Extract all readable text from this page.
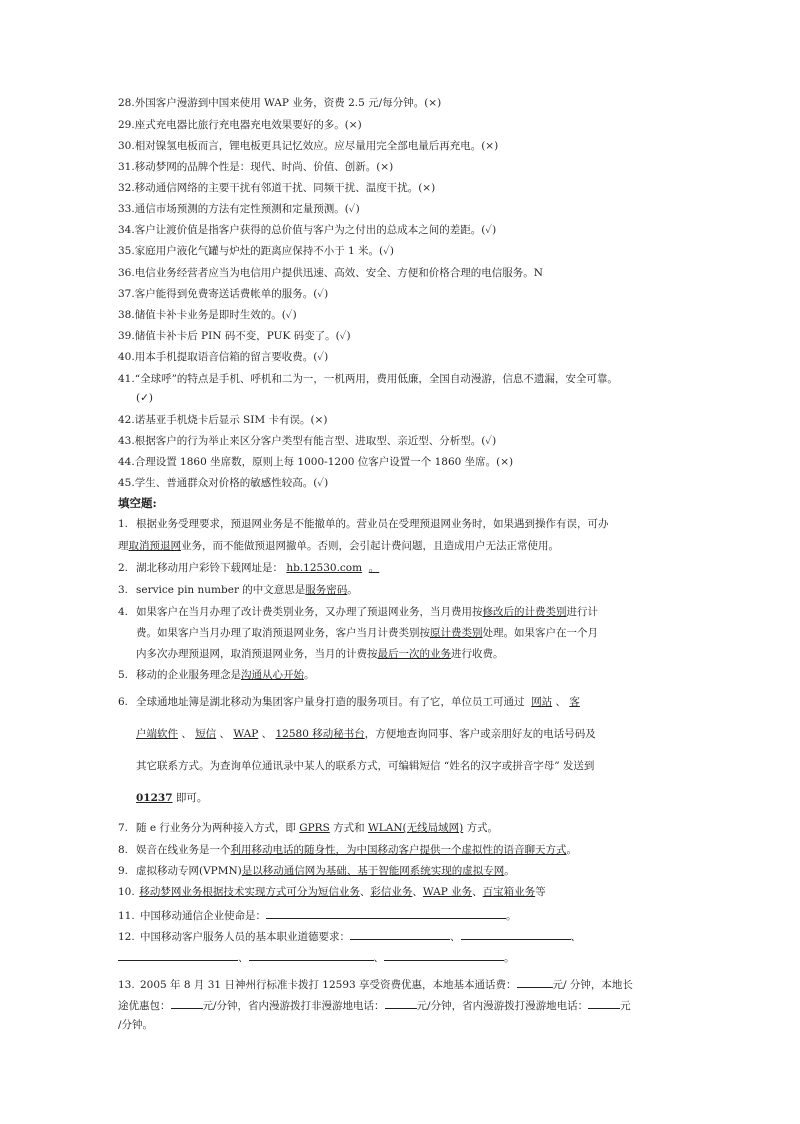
28.外国客户漫游到中国来使用 WAP 业务，资费 2.5 元/每分钟。(×)
29.座式充电器比旅行充电器充电效果要好的多。(×)
30.相对镍氢电板而言，锂电板更具记忆效应。应尽量用完全部电量后再充电。(×)
31.移动梦网的品牌个性是：现代、时尚、价值、创新。(×)
32.移动通信网络的主要干扰有邻道干扰、同频干扰、温度干扰。(×)
33.通信市场预测的方法有定性预测和定量预测。(✓)
34.客户让渡价值是指客户获得的总价值与客户为之付出的总成本之间的差距。(✓)
35.家庭用户液化气罐与炉灶的距离应保持不小于 1 米。(✓)
36.电信业务经营者应当为电信用户提供迅速、高效、安全、方便和价格合理的电信服务。N
37.客户能得到免费寄送话费帐单的服务。(✓)
38.储值卡补卡业务是即时生效的。(✓)
39.储值卡补卡后 PIN 码不变，PUK 码变了。(✓)
40.用本手机提取语音信箱的留言要收费。(✓)
41.“全球呼”的特点是手机、呼机和二为一，一机两用，费用低廉，全国自动漫游，信息不遗漏，安全可靠。
(✓)
42.诺基亚手机烧卡后显示 SIM 卡有误。(×)
43.根据客户的行为举止来区分客户类型有能言型、进取型、亲近型、分析型。(✓)
44.合理设置 1860 坐席数，原则上每 1000-1200 位客户设置一个 1860 坐席。(×)
45.学生、普通群众对价格的敏感性较高。(✓)
填空题:
1. 根据业务受理要求，预退网业务是不能撤单的。营业员在受理预退网业务时，如果遇到操作有误，可办
理取消预退网业务，而不能做预退网撤单。否则，会引起计费问题，且造成用户无法正常使用。
2. 湖北移动用户彩铃下载网址是： hb.12530.com 。
3. service pin number 的中文意思是服务密码。
4. 如果客户在当月办理了改计费类别业务，又办理了预退网业务，当月费用按修改后的计费类别进行计
费。如果客户当月办理了取消预退网业务，客户当月计费类别按原计费类别处理。如果客户在一个月
内多次办理预退网，取消预退网业务，当月的计费按最后一次的业务进行收费。
5. 移动的企业服务理念是沟通从心开始。
6. 全球通地址簿是湖北移动为集团客户量身打造的服务项目。有了它，单位员工可通过 网站 、 客
户端软件 、 短信 、 WAP 、 12580 移动秘书台，方便地查询同事、客户或亲朋好友的电话号码及
其它联系方式。为查询单位通讯录中某人的联系方式，可编辑短信 “姓名的汉字或拼音字母” 发送到
01237 即可。
7. 随 e 行业务分为两种接入方式，即 GPRS 方式和 WLAN(无线局域网) 方式。
8. 娱音在线业务是一个利用移动电话的随身性，为中国移动客户提供一个虚拟性的语音聊天方式。
9. 虚拟移动专网(VPMN)是以移动通信网为基础、基于智能网系统实现的虚拟专网。
10. 移动梦网业务根据技术实现方式可分为短信业务、彩信业务、WAP 业务、百宝箱业务等
11. 中国移动通信企业使命是：	。
12. 中国移动客户服务人员的基本职业道德要求：	、	、
、	、	。
13. 2005 年 8 月 31 日神州行标准卡拨打 12593 享受资费优惠，本地基本通话费：	元/ 分钟，本地长
途优惠包：	元/分钟，省内漫游拨打非漫游地电话：	元/分钟，省内漫游拨打漫游地电话：	元
/分钟。
